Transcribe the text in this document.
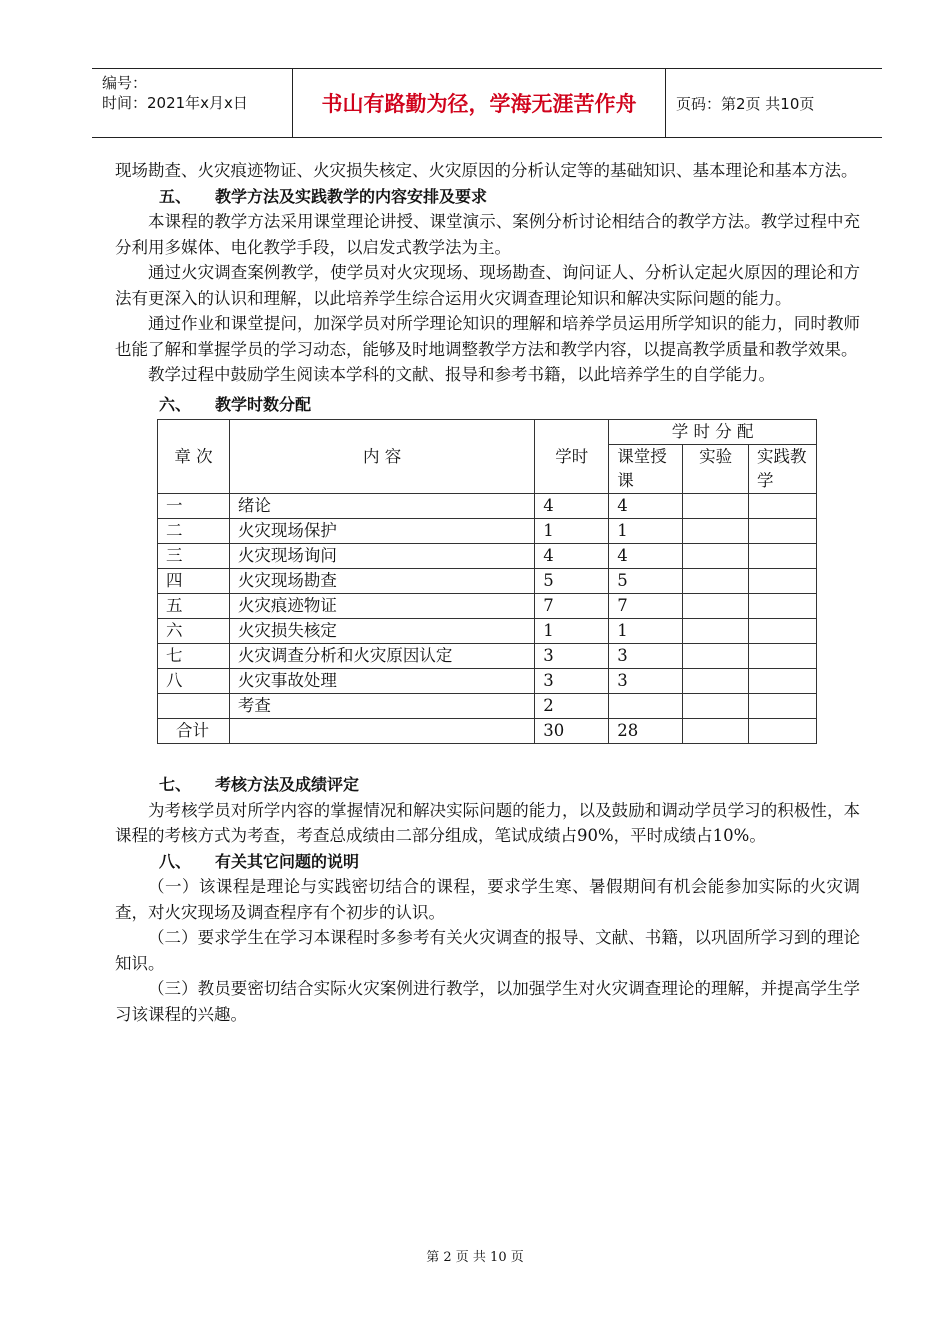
编号：
时间：2021年x月x日	书山有路勤为径，学海无涯苦作舟	页码：第2页 共10页

现场勘查、火灾痕迹物证、火灾损失核定、火灾原因的分析认定等的基础知识、基本理论和基本方法。

五、 教学方法及实践教学的内容安排及要求

本课程的教学方法采用课堂理论讲授、课堂演示、案例分析讨论相结合的教学方法。教学过程中充分利用多媒体、电化教学手段，以启发式教学法为主。

通过火灾调查案例教学，使学员对火灾现场、现场勘查、询问证人、分析认定起火原因的理论和方法有更深入的认识和理解，以此培养学生综合运用火灾调查理论知识和解决实际问题的能力。

通过作业和课堂提问，加深学员对所学理论知识的理解和培养学员运用所学知识的能力，同时教师也能了解和掌握学员的学习动态，能够及时地调整教学方法和教学内容，以提高教学质量和教学效果。

教学过程中鼓励学生阅读本学科的文献、报导和参考书籍，以此培养学生的自学能力。

六、 教学时数分配

章 次	内 容	学时	学 时 分 配		
			课堂授课	实验	实践教学
一	绪论	4	4		
二	火灾现场保护	1	1		
三	火灾现场询问	4	4		
四	火灾现场勘查	5	5		
五	火灾痕迹物证	7	7		
六	火灾损失核定	1	1		
七	火灾调查分析和火灾原因认定	3	3		
八	火灾事故处理	3	3		
	考查	2			
合计		30	28		

七、 考核方法及成绩评定

为考核学员对所学内容的掌握情况和解决实际问题的能力，以及鼓励和调动学员学习的积极性，本课程的考核方式为考查，考查总成绩由二部分组成，笔试成绩占90%，平时成绩占10%。

八、 有关其它问题的说明

（一）该课程是理论与实践密切结合的课程，要求学生寒、暑假期间有机会能参加实际的火灾调查，对火灾现场及调查程序有个初步的认识。

（二）要求学生在学习本课程时多参考有关火灾调查的报导、文献、书籍，以巩固所学习到的理论知识。

（三）教员要密切结合实际火灾案例进行教学，以加强学生对火灾调查理论的理解，并提高学生学习该课程的兴趣。

第 2 页 共 10 页
